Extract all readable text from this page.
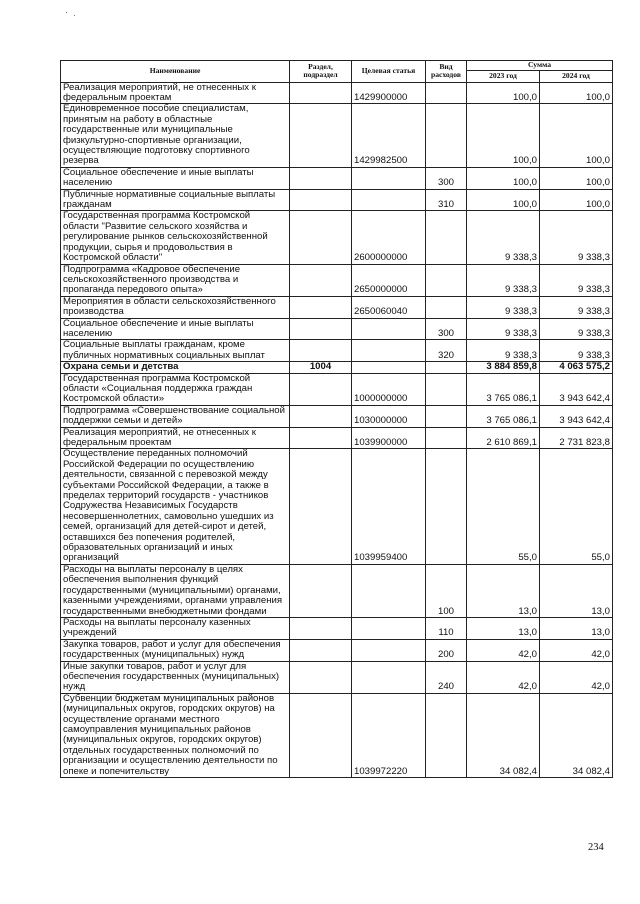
Наименование	Раздел, подраздел	Целевая статья	Вид расходов	Сумма	
				2023 год	2024 год
Реализация мероприятий, не отнесенных к федеральным проектам		1429900000		100,0	100,0
Единовременное пособие специалистам, принятым на работу в областные государственные или муниципальные физкультурно-спортивные организации, осуществляющие подготовку спортивного резерва		1429982500		100,0	100,0
Социальное обеспечение и иные выплаты населению			300	100,0	100,0
Публичные нормативные социальные выплаты гражданам			310	100,0	100,0
Государственная программа Костромской области "Развитие сельского хозяйства и регулирование рынков сельскохозяйственной продукции, сырья и продовольствия в Костромской области"		2600000000		9 338,3	9 338,3
Подпрограмма «Кадровое обеспечение сельскохозяйственного производства и пропаганда передового опыта»		2650000000		9 338,3	9 338,3
Мероприятия в области сельскохозяйственного производства		2650060040		9 338,3	9 338,3
Социальное обеспечение и иные выплаты населению			300	9 338,3	9 338,3
Социальные выплаты гражданам, кроме публичных нормативных социальных выплат			320	9 338,3	9 338,3
Охрана семьи и детства	1004			3 884 859,8	4 063 575,2
Государственная программа Костромской области «Социальная поддержка граждан Костромской области»		1000000000		3 765 086,1	3 943 642,4
Подпрограмма «Совершенствование социальной поддержки семьи и детей»		1030000000		3 765 086,1	3 943 642,4
Реализация мероприятий, не отнесенных к федеральным проектам		1039900000		2 610 869,1	2 731 823,8
Осуществление переданных полномочий Российской Федерации по осуществлению деятельности, связанной с перевозкой между субъектами Российской Федерации, а также в пределах территорий государств - участников Содружества Независимых Государств несовершеннолетних, самовольно ушедших из семей, организаций для детей-сирот и детей, оставшихся без попечения родителей, образовательных организаций и иных организаций		1039959400		55,0	55,0
Расходы на выплаты персоналу в целях обеспечения выполнения функций государственными (муниципальными) органами, казенными учреждениями, органами управления государственными внебюджетными фондами			100	13,0	13,0
Расходы на выплаты персоналу казенных учреждений			110	13,0	13,0
Закупка товаров, работ и услуг для обеспечения государственных (муниципальных) нужд			200	42,0	42,0
Иные закупки товаров, работ и услуг для обеспечения государственных (муниципальных) нужд			240	42,0	42,0
Субвенции бюджетам муниципальных районов (муниципальных округов, городских округов) на осуществление органами местного самоуправления муниципальных районов (муниципальных округов, городских округов) отдельных государственных полномочий по организации и осуществлению деятельности по опеке и попечительству		1039972220		34 082,4	34 082,4
234
